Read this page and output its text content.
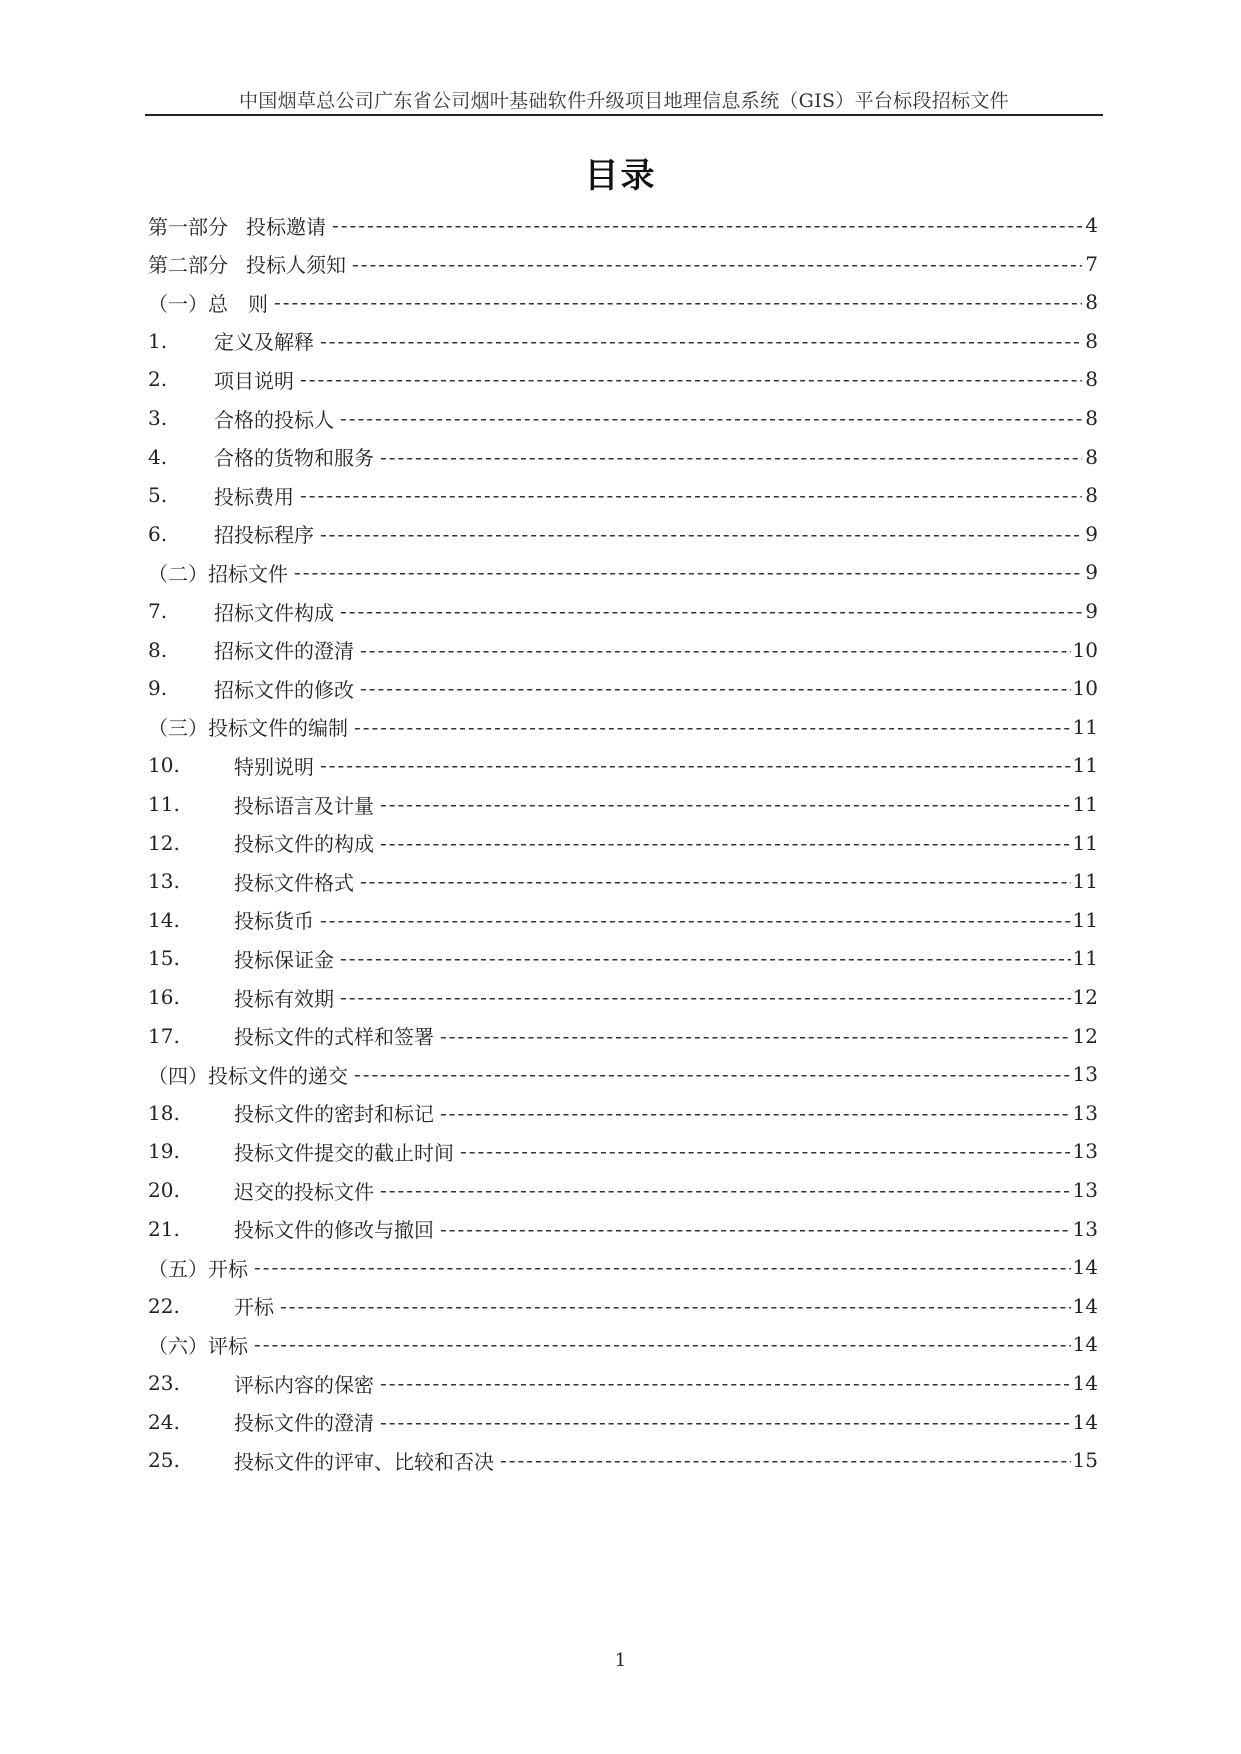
中国烟草总公司广东省公司烟叶基础软件升级项目地理信息系统（GIS）平台标段招标文件
目录
第一部分 投标邀请 -----	4
第二部分 投标人须知 -----	7
（一）总　则 -----	8
1.	定义及解释 -----	8
2.	项目说明 -----	8
3.	合格的投标人 -----	8
4.	合格的货物和服务 -----	8
5.	投标费用 -----	8
6.	招投标程序 -----	9
（二）招标文件 -----	9
7.	招标文件构成 -----	9
8.	招标文件的澄清 -----	10
9.	招标文件的修改 -----	10
（三）投标文件的编制 -----	11
10.	特别说明 -----	11
11.	投标语言及计量 -----	11
12.	投标文件的构成 -----	11
13.	投标文件格式 -----	11
14.	投标货币 -----	11
15.	投标保证金 -----	11
16.	投标有效期 -----	12
17.	投标文件的式样和签署 -----	12
（四）投标文件的递交 -----	13
18.	投标文件的密封和标记 -----	13
19.	投标文件提交的截止时间 -----	13
20.	迟交的投标文件 -----	13
21.	投标文件的修改与撤回 -----	13
（五）开标 -----	14
22.	开标 -----	14
（六）评标 -----	14
23.	评标内容的保密 -----	14
24.	投标文件的澄清 -----	14
25.	投标文件的评审、比较和否决 -----	15
1
